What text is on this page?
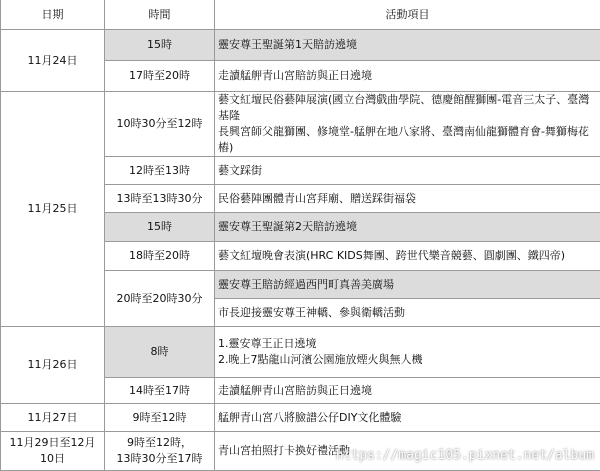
日期	時間	活動項目
11月24日	15時	靈安尊王聖誕第1天賠訪遶境
	17時至20時	走讀艋舺青山宮賠訪與正日遶境
11月25日	10時30分至12時	藝文紅壇民俗藝陣展演(國立台灣戲曲學院、德慶館醒獅團-電音三太子、臺灣基隆
長興宮師父龍獅團、修境堂-艋舺在地八家將、臺灣南仙龍獅體育會-舞獅梅花樁)

	12時至13時	藝文踩街
	13時至13時30分	民俗藝陣團體青山宮拜廟、贈送踩街福袋
	15時	靈安尊王聖誕第2天賠訪遶境
	18時至20時	藝文紅壇晚會表演(HRC KIDS舞團、跨世代樂音競藝、圓劇團、鐵四帝)
	20時至20時30分	靈安尊王賠訪經過西門町真善美廣場
		市長迎接靈安尊王神轎、參與衛轎活動
11月26日	8時	1.靈安尊王正日遶境
2.晚上7點龍山河濱公園施放煙火與無人機

	14時至17時	走讀艋舺青山宮賠訪與正日遶境
11月27日	9時至12時	艋舺青山宮八將臉譜公仔DIY文化體驗
11月29日至12月10日	9時至12時，
13時30分至17時	青山宮拍照打卡換好禮活動
https://magic105.pixnet.net/album
